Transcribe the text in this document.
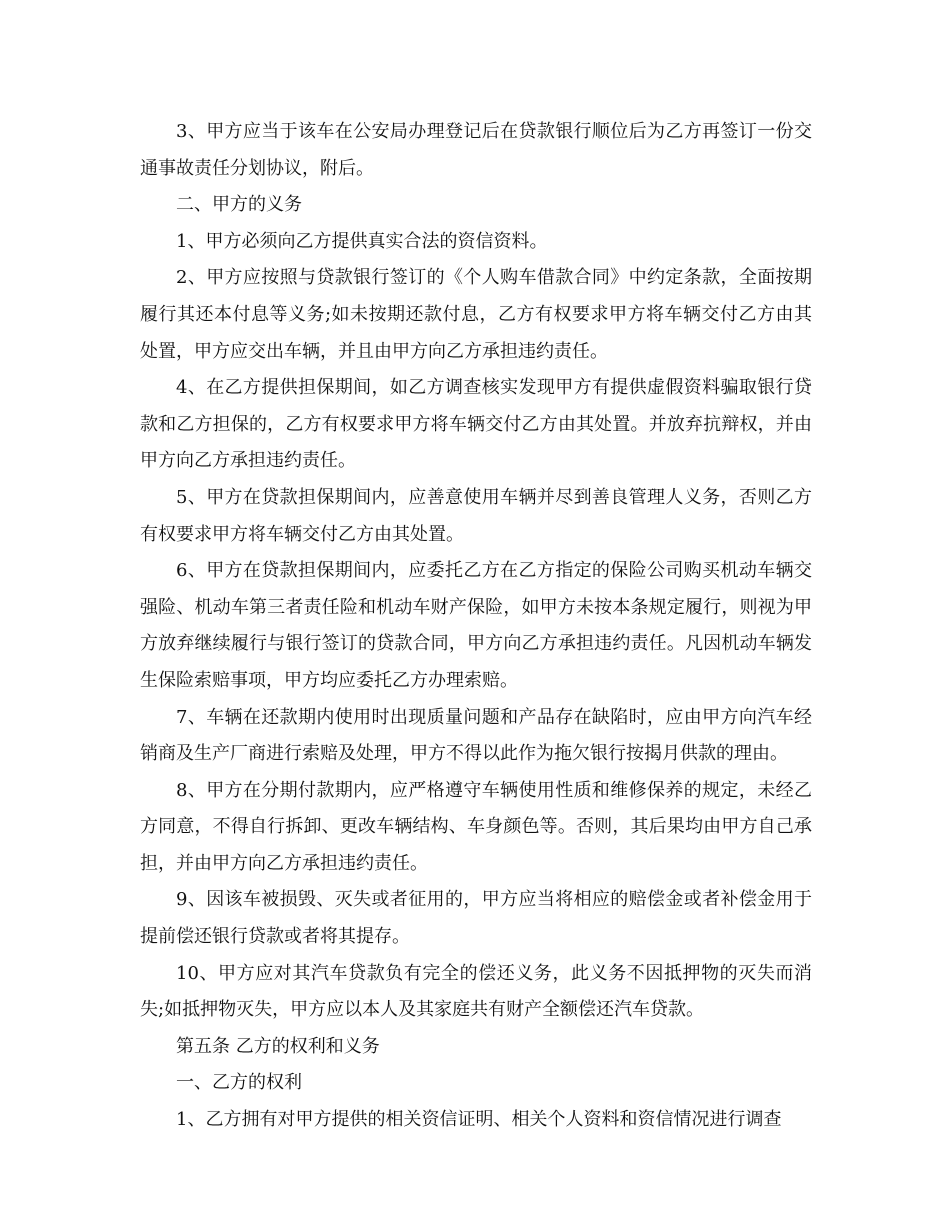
3、甲方应当于该车在公安局办理登记后在贷款银行顺位后为乙方再签订一份交通事故责任分划协议，附后。

二、甲方的义务

1、甲方必须向乙方提供真实合法的资信资料。

2、甲方应按照与贷款银行签订的《个人购车借款合同》中约定条款，全面按期履行其还本付息等义务;如未按期还款付息，乙方有权要求甲方将车辆交付乙方由其处置，甲方应交出车辆，并且由甲方向乙方承担违约责任。

4、在乙方提供担保期间，如乙方调查核实发现甲方有提供虚假资料骗取银行贷款和乙方担保的，乙方有权要求甲方将车辆交付乙方由其处置。并放弃抗辩权，并由甲方向乙方承担违约责任。

5、甲方在贷款担保期间内，应善意使用车辆并尽到善良管理人义务，否则乙方有权要求甲方将车辆交付乙方由其处置。

6、甲方在贷款担保期间内，应委托乙方在乙方指定的保险公司购买机动车辆交强险、机动车第三者责任险和机动车财产保险，如甲方未按本条规定履行，则视为甲方放弃继续履行与银行签订的贷款合同，甲方向乙方承担违约责任。凡因机动车辆发生保险索赔事项，甲方均应委托乙方办理索赔。

7、车辆在还款期内使用时出现质量问题和产品存在缺陷时，应由甲方向汽车经销商及生产厂商进行索赔及处理，甲方不得以此作为拖欠银行按揭月供款的理由。

8、甲方在分期付款期内，应严格遵守车辆使用性质和维修保养的规定，未经乙方同意，不得自行拆卸、更改车辆结构、车身颜色等。否则，其后果均由甲方自己承担，并由甲方向乙方承担违约责任。

9、因该车被损毁、灭失或者征用的，甲方应当将相应的赔偿金或者补偿金用于提前偿还银行贷款或者将其提存。

10、甲方应对其汽车贷款负有完全的偿还义务，此义务不因抵押物的灭失而消失;如抵押物灭失，甲方应以本人及其家庭共有财产全额偿还汽车贷款。

第五条 乙方的权利和义务

一、乙方的权利

1、乙方拥有对甲方提供的相关资信证明、相关个人资料和资信情况进行调查
